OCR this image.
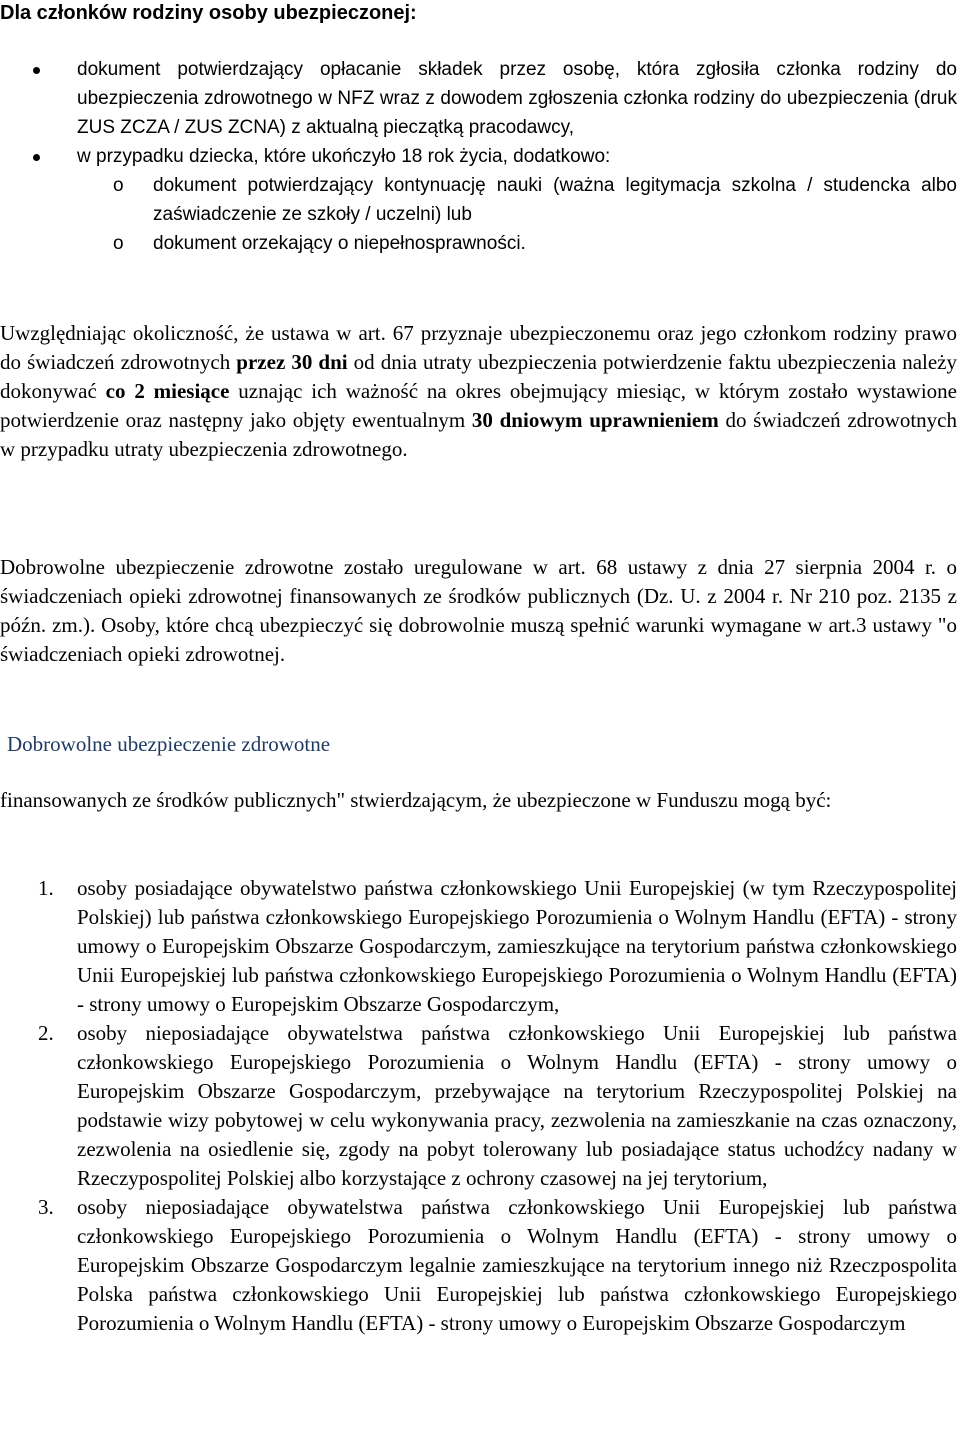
Dla członków rodziny osoby ubezpieczonej:
dokument potwierdzający opłacanie składek przez osobę, która zgłosiła członka rodziny do ubezpieczenia zdrowotnego w NFZ wraz z dowodem zgłoszenia członka rodziny do ubezpieczenia (druk ZUS ZCZA / ZUS ZCNA) z aktualną pieczątką pracodawcy,
w przypadku dziecka, które ukończyło 18 rok życia, dodatkowo:
o dokument potwierdzający kontynuację nauki (ważna legitymacja szkolna / studencka albo zaświadczenie ze szkoły / uczelni) lub
o dokument orzekający o niepełnosprawności.

Uwzględniając okoliczność, że ustawa w art. 67 przyznaje ubezpieczonemu oraz jego członkom rodziny prawo do świadczeń zdrowotnych przez 30 dni od dnia utraty ubezpieczenia potwierdzenie faktu ubezpieczenia należy dokonywać co 2 miesiące uznając ich ważność na okres obejmujący miesiąc, w którym zostało wystawione potwierdzenie oraz następny jako objęty ewentualnym 30 dniowym uprawnieniem do świadczeń zdrowotnych w przypadku utraty ubezpieczenia zdrowotnego.

Dobrowolne ubezpieczenie zdrowotne zostało uregulowane w art. 68 ustawy z dnia 27 sierpnia 2004 r. o świadczeniach opieki zdrowotnej finansowanych ze środków publicznych (Dz. U. z 2004 r. Nr 210 poz. 2135 z późn. zm.). Osoby, które chcą ubezpieczyć się dobrowolnie muszą spełnić warunki wymagane w art.3 ustawy "o świadczeniach opieki zdrowotnej.

Dobrowolne ubezpieczenie zdrowotne

finansowanych ze środków publicznych" stwierdzającym, że ubezpieczone w Funduszu mogą być:

1. osoby posiadające obywatelstwo państwa członkowskiego Unii Europejskiej (w tym Rzeczypospolitej Polskiej) lub państwa członkowskiego Europejskiego Porozumienia o Wolnym Handlu (EFTA) - strony umowy o Europejskim Obszarze Gospodarczym, zamieszkujące na terytorium państwa członkowskiego Unii Europejskiej lub państwa członkowskiego Europejskiego Porozumienia o Wolnym Handlu (EFTA) - strony umowy o Europejskim Obszarze Gospodarczym,
2. osoby nieposiadające obywatelstwa państwa członkowskiego Unii Europejskiej lub państwa członkowskiego Europejskiego Porozumienia o Wolnym Handlu (EFTA) - strony umowy o Europejskim Obszarze Gospodarczym, przebywające na terytorium Rzeczypospolitej Polskiej na podstawie wizy pobytowej w celu wykonywania pracy, zezwolenia na zamieszkanie na czas oznaczony, zezwolenia na osiedlenie się, zgody na pobyt tolerowany lub posiadające status uchodźcy nadany w Rzeczypospolitej Polskiej albo korzystające z ochrony czasowej na jej terytorium,
3. osoby nieposiadające obywatelstwa państwa członkowskiego Unii Europejskiej lub państwa członkowskiego Europejskiego Porozumienia o Wolnym Handlu (EFTA) - strony umowy o Europejskim Obszarze Gospodarczym legalnie zamieszkujące na terytorium innego niż Rzeczpospolita Polska państwa członkowskiego Unii Europejskiej lub państwa członkowskiego Europejskiego Porozumienia o Wolnym Handlu (EFTA) - strony umowy o Europejskim Obszarze Gospodarczym
